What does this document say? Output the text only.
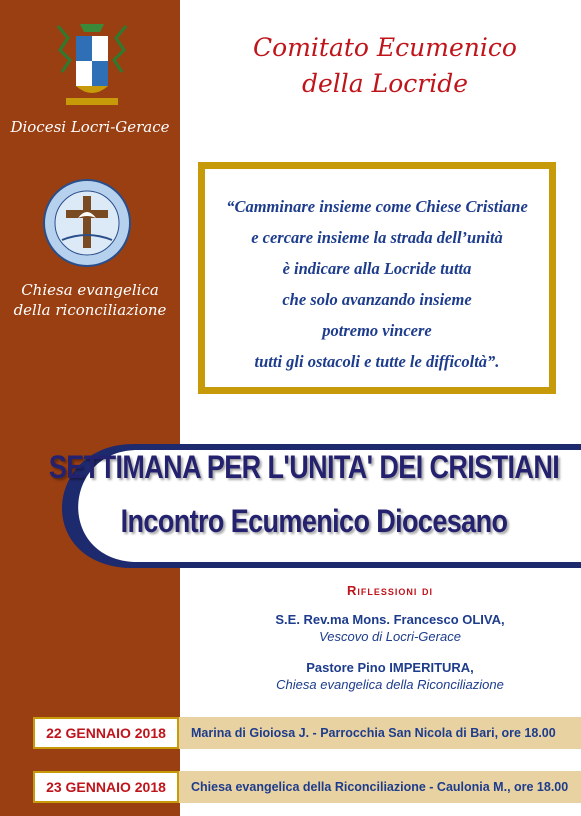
Diocesi Locri-Gerace
Chiesa evangelica
della riconciliazione
Comitato Ecumenico
della Locride
“Camminare insieme come Chiese Cristiane
e cercare insieme la strada dell’unità
è indicare alla Locride tutta
che solo avanzando insieme
potremo vincere
tutti gli ostacoli e tutte le difficoltà”.
SETTIMANA PER L'UNITA' DEI CRISTIANI
Incontro Ecumenico Diocesano
Riflessioni di
S.E. Rev.ma Mons. Francesco OLIVA,
Vescovo di Locri-Gerace
Pastore Pino IMPERITURA,
Chiesa evangelica della Riconciliazione
22 GENNAIO 2018	Marina di Gioiosa J. - Parrocchia San Nicola di Bari, ore 18.00
23 GENNAIO 2018	Chiesa evangelica della Riconciliazione - Caulonia M., ore 18.00
